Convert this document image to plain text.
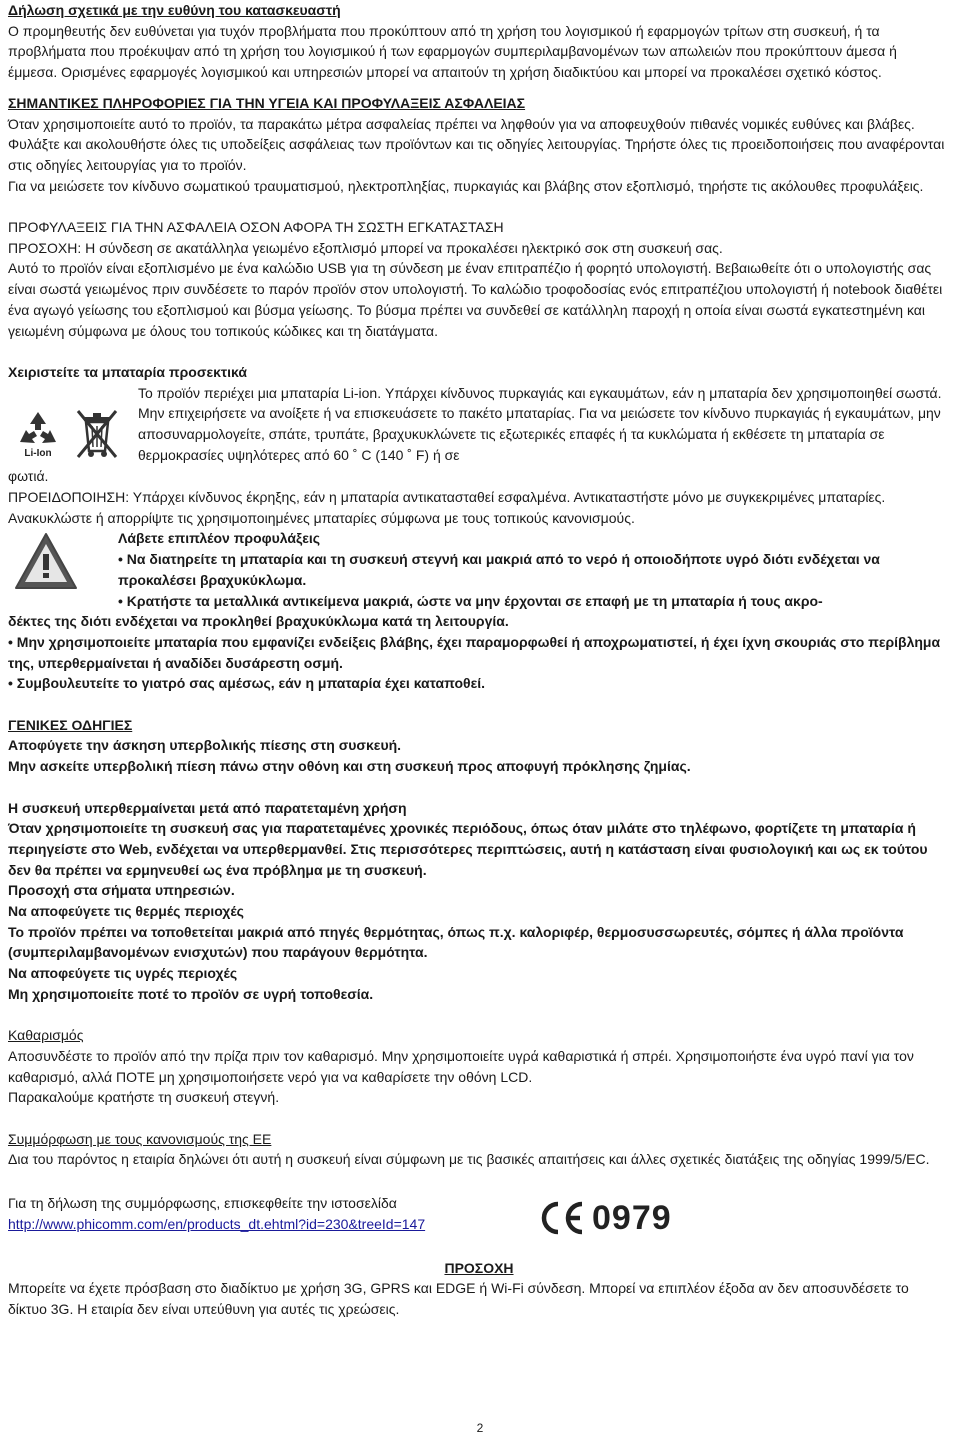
Δήλωση σχετικά με την ευθύνη του κατασκευαστή

Ο προμηθευτής δεν ευθύνεται για τυχόν προβλήματα που προκύπτουν από τη χρήση του λογισμικού ή εφαρμογών τρίτων στη συσκευή, ή τα προβλήματα που προέκυψαν από τη χρήση του λογισμικού ή των εφαρμογών συμπεριλαμβανομένων των απωλειών που προκύπτουν άμεσα ή έμμεσα. Ορισμένες εφαρμογές λογισμικού και υπηρεσιών μπορεί να απαιτούν τη χρήση διαδικτύου και μπορεί να προκαλέσει σχετικό κόστος.

ΣΗΜΑΝΤΙΚΕΣ ΠΛΗΡΟΦΟΡΙΕΣ ΓΙΑ ΤΗΝ ΥΓΕΙΑ ΚΑΙ ΠΡΟΦΥΛΑΞΕΙΣ ΑΣΦΑΛΕΙΑΣ

Όταν χρησιμοποιείτε αυτό το προϊόν, τα παρακάτω μέτρα ασφαλείας πρέπει να ληφθούν για να αποφευχθούν πιθανές νομικές ευθύνες και βλάβες.

Φυλάξτε και ακολουθήστε όλες τις υποδείξεις ασφάλειας των προϊόντων και τις οδηγίες λειτουργίας. Τηρήστε όλες τις προειδοποιήσεις που αναφέρονται στις οδηγίες λειτουργίας για το προϊόν.

Για να μειώσετε τον κίνδυνο σωματικού τραυματισμού, ηλεκτροπληξίας, πυρκαγιάς και βλάβης στον εξοπλισμό, τηρήστε τις ακόλουθες προφυλάξεις.

ΠΡΟΦΥΛΑΞΕΙΣ ΓΙΑ ΤΗΝ ΑΣΦΑΛΕΙΑ ΟΣΟΝ ΑΦΟΡΑ ΤΗ ΣΩΣΤΗ ΕΓΚΑΤΑΣΤΑΣΗ

ΠΡΟΣΟΧΗ: Η σύνδεση σε ακατάλληλα γειωμένο εξοπλισμό μπορεί να προκαλέσει ηλεκτρικό σοκ στη συσκευή σας.

Αυτό το προϊόν είναι εξοπλισμένο με ένα καλώδιο USB για τη σύνδεση με έναν επιτραπέζιο ή φορητό υπολογιστή. Βεβαιωθείτε ότι ο υπολογιστής σας είναι σωστά γειωμένος πριν συνδέσετε το παρόν προϊόν στον υπολογιστή. Το καλώδιο τροφοδοσίας ενός επιτραπέζιου υπολογιστή ή notebook διαθέτει ένα αγωγό γείωσης του εξοπλισμού και βύσμα γείωσης. Το βύσμα πρέπει να συνδεθεί σε κατάλληλη παροχή η οποία είναι σωστά εγκατεστημένη και γειωμένη σύμφωνα με όλους του τοπικούς κώδικες και τη διατάγματα.

Χειριστείτε τα μπαταρία προσεκτικά
Li-Ion

Το προϊόν περιέχει μια μπαταρία Li-ion. Υπάρχει κίνδυνος πυρκαγιάς και εγκαυμάτων, εάν η μπαταρία δεν χρησιμοποιηθεί σωστά. Μην επιχειρήσετε να ανοίξετε ή να επισκευάσετε το πακέτο μπαταρίας. Για να μειώσετε τον κίνδυνο πυρκαγιάς ή εγκαυμάτων, μην αποσυναρμολογείτε, σπάτε, τρυπάτε, βραχυκυκλώνετε τις εξωτερικές επαφές ή τα κυκλώματα ή εκθέσετε τη μπαταρία σε θερμοκρασίες υψηλότερες από 60 ˚ C (140 ˚ F) ή σε

φωτιά.

ΠΡΟΕΙΔΟΠΟΙΗΣΗ: Υπάρχει κίνδυνος έκρηξης, εάν η μπαταρία αντικατασταθεί εσφαλμένα. Αντικαταστήστε μόνο με συγκεκριμένες μπαταρίες. Ανακυκλώστε ή απορρίψτε τις χρησιμοποιημένες μπαταρίες σύμφωνα με τους τοπικούς κανονισμούς.

Λάβετε επιπλέον προφυλάξεις

• Να διατηρείτε τη μπαταρία και τη συσκευή στεγνή και μακριά από το νερό ή οποιοδήποτε υγρό διότι ενδέχεται να προκαλέσει βραχυκύκλωμα.

• Κρατήστε τα μεταλλικά αντικείμενα μακριά, ώστε να μην έρχονται σε επαφή με τη μπαταρία ή τους ακρο-

δέκτες της διότι ενδέχεται να προκληθεί βραχυκύκλωμα κατά τη λειτουργία.

• Μην χρησιμοποιείτε μπαταρία που εμφανίζει ενδείξεις βλάβης, έχει παραμορφωθεί ή αποχρωματιστεί, ή έχει ίχνη σκουριάς στο περίβλημα της, υπερθερμαίνεται ή αναδίδει δυσάρεστη οσμή.

• Συμβουλευτείτε το γιατρό σας αμέσως, εάν η μπαταρία έχει καταποθεί.

ΓΕΝΙΚΕΣ ΟΔΗΓΙΕΣ

Αποφύγετε την άσκηση υπερβολικής πίεσης στη συσκευή.

Μην ασκείτε υπερβολική πίεση πάνω στην οθόνη και στη συσκευή προς αποφυγή πρόκλησης ζημίας.

Η συσκευή υπερθερμαίνεται μετά από παρατεταμένη χρήση

Όταν χρησιμοποιείτε τη συσκευή σας για παρατεταμένες χρονικές περιόδους, όπως όταν μιλάτε στο τηλέφωνο, φορτίζετε τη μπαταρία ή περιηγείστε στο Web, ενδέχεται να υπερθερμανθεί. Στις περισσότερες περιπτώσεις, αυτή η κατάσταση είναι φυσιολογική και ως εκ τούτου δεν θα πρέπει να ερμηνευθεί ως ένα πρόβλημα με τη συσκευή.

Προσοχή στα σήματα υπηρεσιών.

Να αποφεύγετε τις θερμές περιοχές

Το προϊόν πρέπει να τοποθετείται μακριά από πηγές θερμότητας, όπως π.χ. καλοριφέρ, θερμοσυσσωρευτές, σόμπες ή άλλα προϊόντα (συμπεριλαμβανομένων ενισχυτών) που παράγουν θερμότητα.

Να αποφεύγετε τις υγρές περιοχές

Μη χρησιμοποιείτε ποτέ το προϊόν σε υγρή τοποθεσία.

Καθαρισμός

Αποσυνδέστε το προϊόν από την πρίζα πριν τον καθαρισμό. Μην χρησιμοποιείτε υγρά καθαριστικά ή σπρέι. Χρησιμοποιήστε ένα υγρό πανί για τον καθαρισμό, αλλά ΠΟΤΕ μη χρησιμοποιήσετε νερό για να καθαρίσετε την οθόνη LCD.

Παρακαλούμε κρατήστε τη συσκευή στεγνή.

Συμμόρφωση με τους κανονισμούς της ΕΕ

Δια του παρόντος η εταιρία δηλώνει ότι αυτή η συσκευή είναι σύμφωνη με τις βασικές απαιτήσεις και άλλες σχετικές διατάξεις της οδηγίας 1999/5/EC.

Για τη δήλωση της συμμόρφωσης, επισκεφθείτε την ιστοσελίδα

http://www.phicomm.com/en/products_dt.ehtml?id=230&treeId=147	0979
ΠΡΟΣΟΧΗ

Μπορείτε να έχετε πρόσβαση στο διαδίκτυο με χρήση 3G, GPRS και EDGE ή Wi-Fi σύνδεση. Μπορεί να επιπλέον έξοδα αν δεν αποσυνδέσετε το δίκτυο 3G. Η εταιρία δεν είναι υπεύθυνη για αυτές τις χρεώσεις.

2
